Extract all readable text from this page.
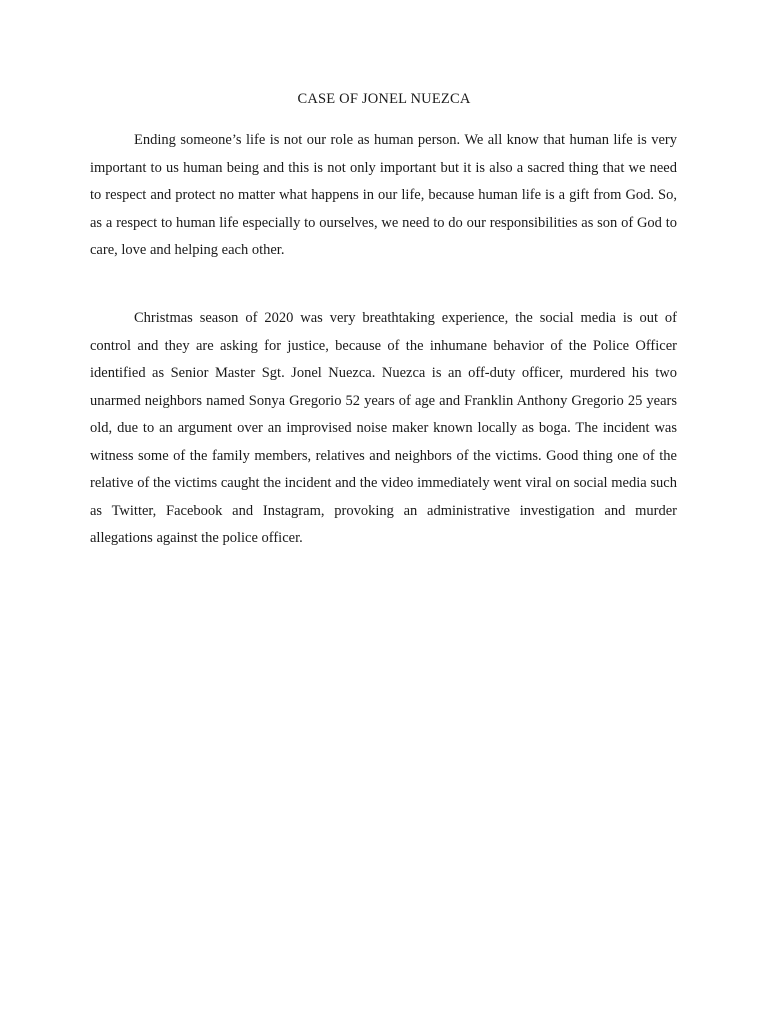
CASE OF JONEL NUEZCA

Ending someone’s life is not our role as human person. We all know that human life is very important to us human being and this is not only important but it is also a sacred thing that we need to respect and protect no matter what happens in our life, because human life is a gift from God. So, as a respect to human life especially to ourselves, we need to do our responsibilities as son of God to care, love and helping each other.

Christmas season of 2020 was very breathtaking experience, the social media is out of control and they are asking for justice, because of the inhumane behavior of the Police Officer identified as Senior Master Sgt. Jonel Nuezca. Nuezca is an off-duty officer, murdered his two unarmed neighbors named Sonya Gregorio 52 years of age and Franklin Anthony Gregorio 25 years old, due to an argument over an improvised noise maker known locally as boga. The incident was witness some of the family members, relatives and neighbors of the victims. Good thing one of the relative of the victims caught the incident and the video immediately went viral on social media such as Twitter, Facebook and Instagram, provoking an administrative investigation and murder allegations against the police officer.
